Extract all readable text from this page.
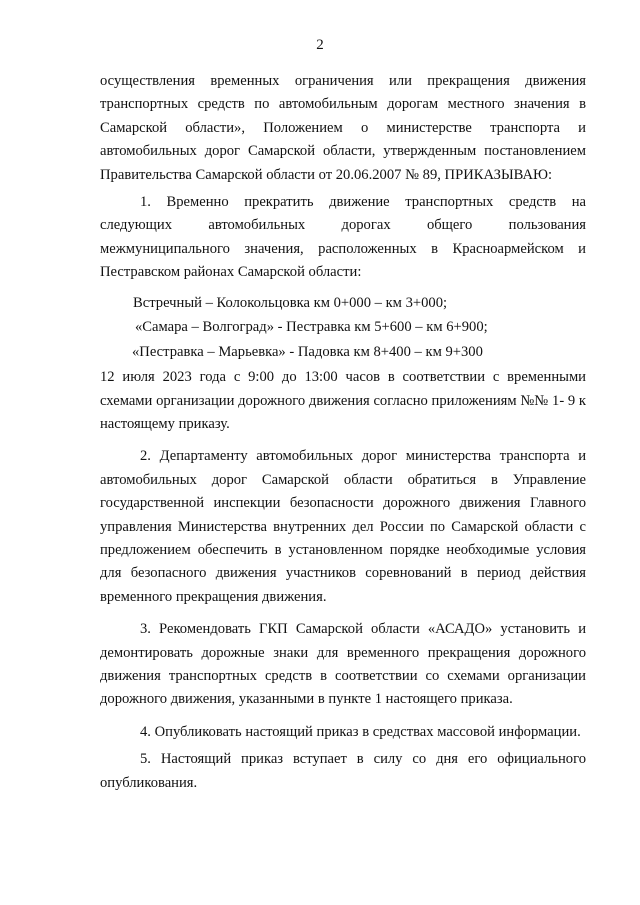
2

осуществления временных ограничения или прекращения движения транспортных средств по автомобильным дорогам местного значения в Самарской области», Положением о министерстве транспорта и автомобильных дорог Самарской области, утвержденным постановлением Правительства Самарской области от 20.06.2007 № 89, ПРИКАЗЫВАЮ:

1. Временно прекратить движение транспортных средств на следующих автомобильных дорогах общего пользования межмуниципального значения, расположенных в Красноармейском и Пестравском районах Самарской области:

Встречный – Колокольцовка км 0+000 – км 3+000;
«Самара – Волгоград» - Пестравка км 5+600 – км 6+900;
«Пестравка – Марьевка» - Падовка км 8+400 – км 9+300

12 июля 2023 года с 9:00 до 13:00 часов в соответствии с временными схемами организации дорожного движения согласно приложениям №№ 1- 9 к настоящему приказу.

2. Департаменту автомобильных дорог министерства транспорта и автомобильных дорог Самарской области обратиться в Управление государственной инспекции безопасности дорожного движения Главного управления Министерства внутренних дел России по Самарской области с предложением обеспечить в установленном порядке необходимые условия для безопасного движения участников соревнований в период действия временного прекращения движения.

3. Рекомендовать ГКП Самарской области «АСАДО» установить и демонтировать дорожные знаки для временного прекращения дорожного движения транспортных средств в соответствии со схемами организации дорожного движения, указанными в пункте 1 настоящего приказа.

4. Опубликовать настоящий приказ в средствах массовой информации.

5. Настоящий приказ вступает в силу со дня его официального опубликования.
